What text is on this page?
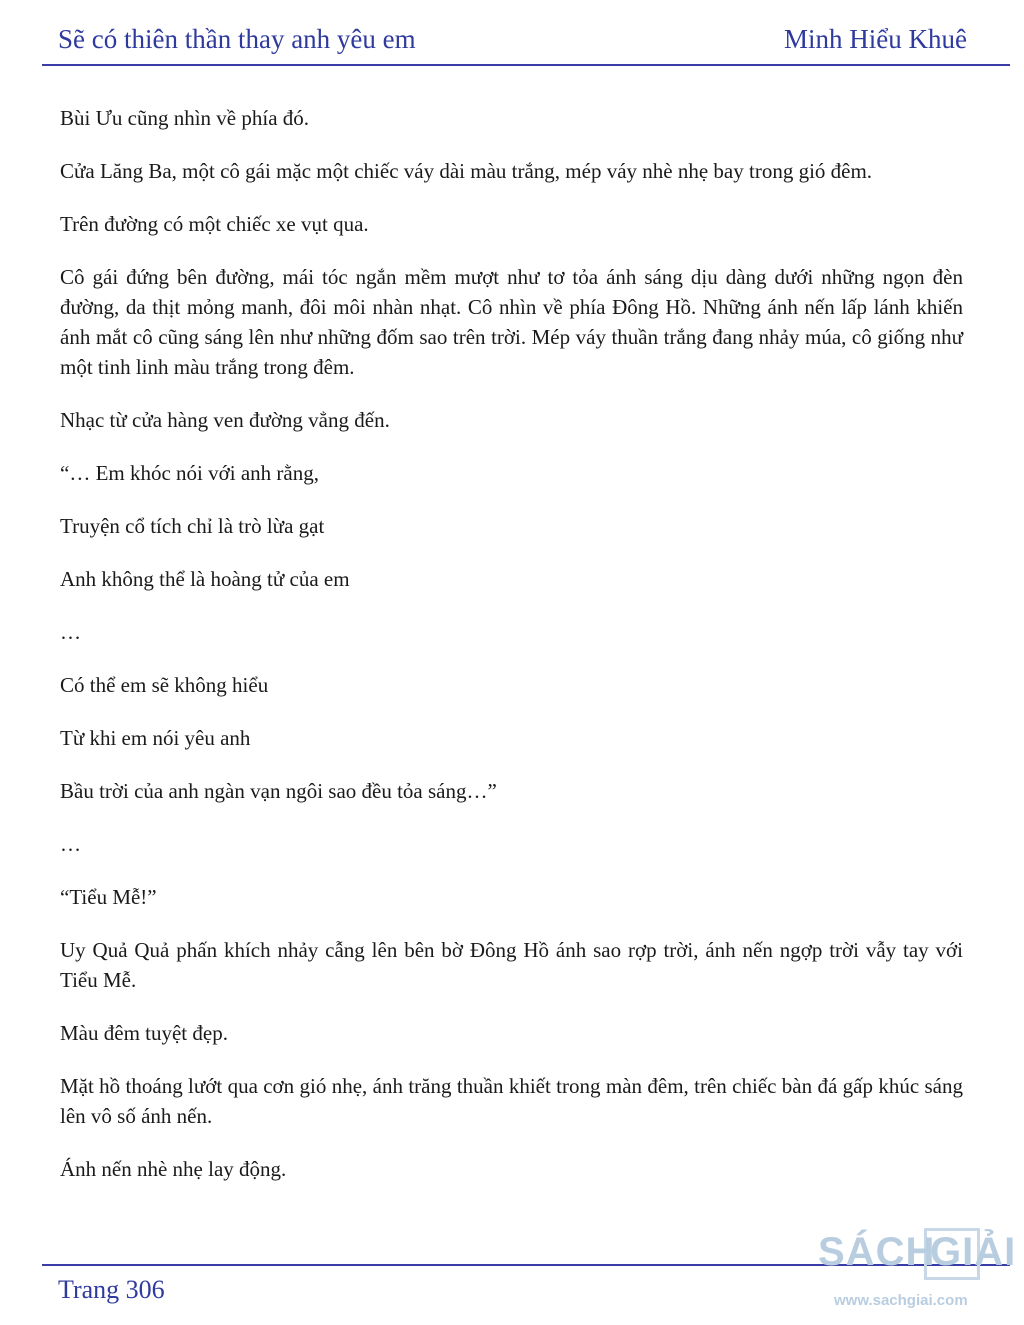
Sẽ có thiên thần thay anh yêu em	Minh Hiểu Khuê

Bùi Ưu cũng nhìn về phía đó.

Cửa Lăng Ba, một cô gái mặc một chiếc váy dài màu trắng, mép váy nhè nhẹ bay trong gió đêm.

Trên đường có một chiếc xe vụt qua.

Cô gái đứng bên đường, mái tóc ngắn mềm mượt như tơ tỏa ánh sáng dịu dàng dưới những ngọn đèn đường, da thịt mỏng manh, đôi môi nhàn nhạt. Cô nhìn về phía Đông Hồ. Những ánh nến lấp lánh khiến ánh mắt cô cũng sáng lên như những đốm sao trên trời. Mép váy thuần trắng đang nhảy múa, cô giống như một tinh linh màu trắng trong đêm.

Nhạc từ cửa hàng ven đường vẳng đến.

“… Em khóc nói với anh rằng,

Truyện cổ tích chỉ là trò lừa gạt

Anh không thể là hoàng tử của em

…

Có thể em sẽ không hiểu

Từ khi em nói yêu anh

Bầu trời của anh ngàn vạn ngôi sao đều tỏa sáng…”

…

“Tiểu Mễ!”

Uy Quả Quả phấn khích nhảy cẫng lên bên bờ Đông Hồ ánh sao rợp trời, ánh nến ngợp trời vẫy tay với Tiểu Mễ.

Màu đêm tuyệt đẹp.

Mặt hồ thoáng lướt qua cơn gió nhẹ, ánh trăng thuần khiết trong màn đêm, trên chiếc bàn đá gấp khúc sáng lên vô số ánh nến.

Ánh nến nhè nhẹ lay động.

Trang 306
SÁCH
GIẢI
www.sachgiai.com
